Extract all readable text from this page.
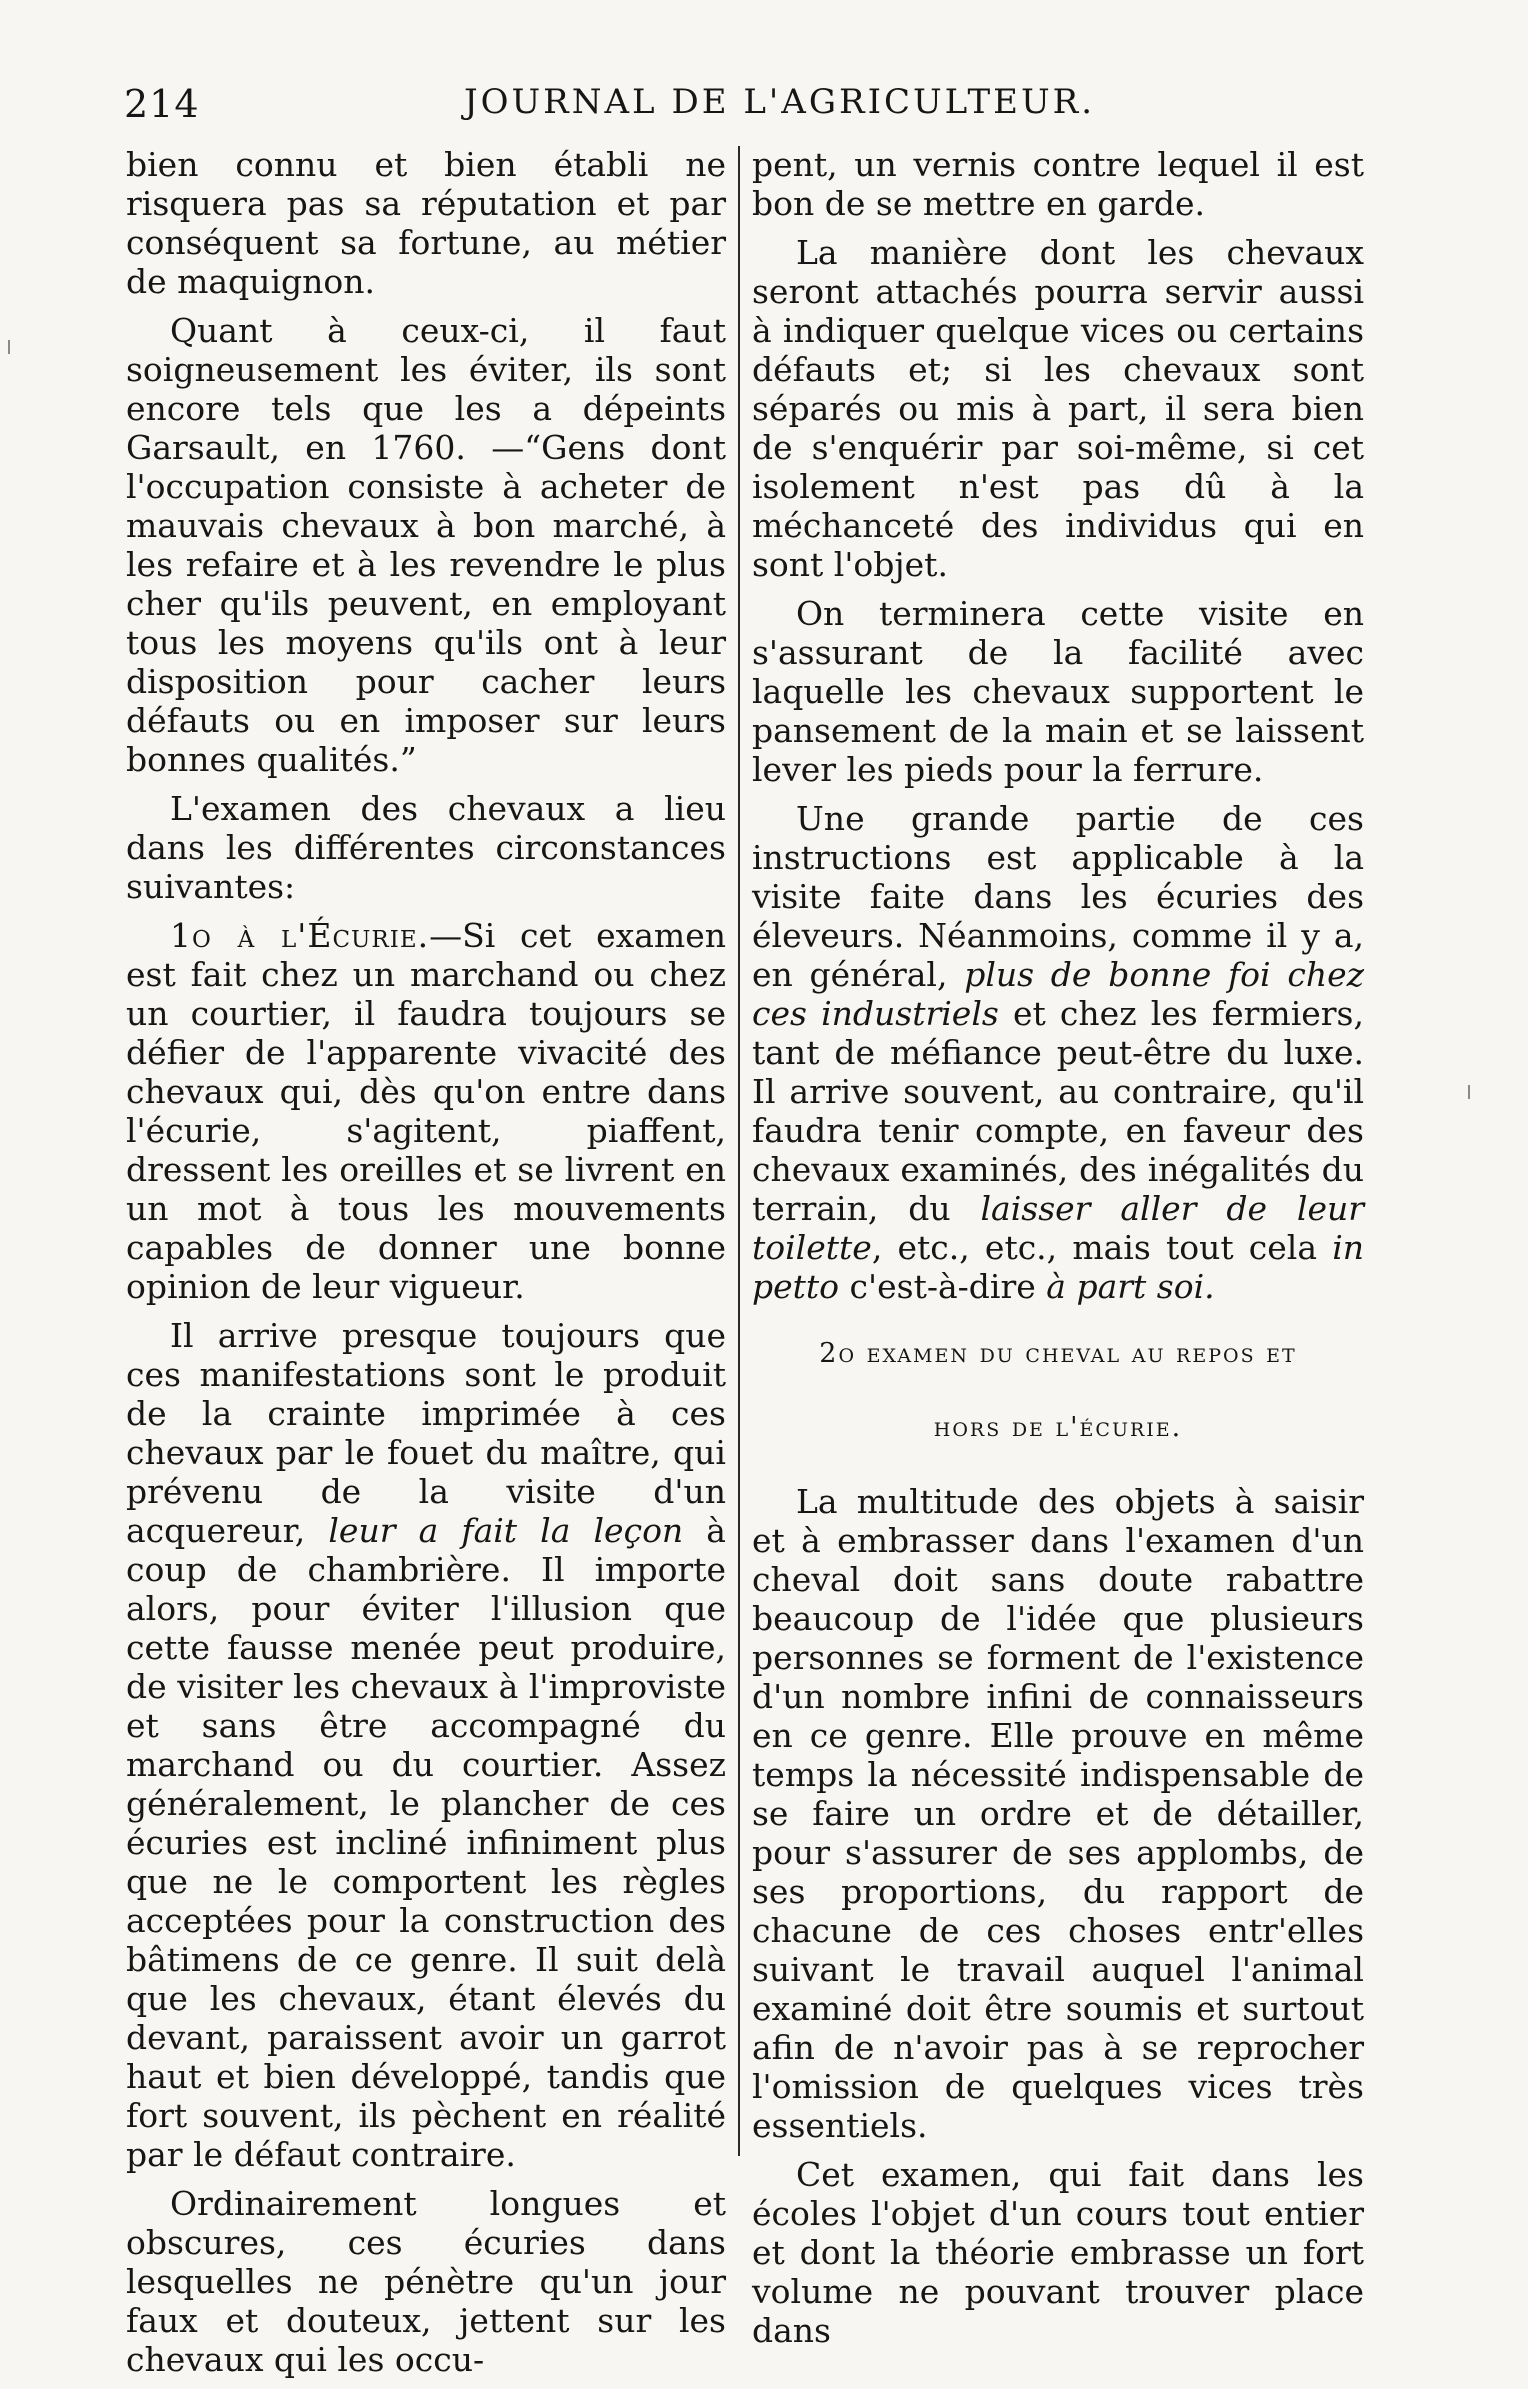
214	JOURNAL DE L'AGRICULTEUR.

bien connu et bien établi ne risquera pas sa réputation et par conséquent sa fortune, au métier de maquignon.

Quant à ceux-ci, il faut soigneusement les éviter, ils sont encore tels que les a dépeints Garsault, en 1760. —“Gens dont l'occupation consiste à acheter de mauvais chevaux à bon marché, à les refaire et à les revendre le plus cher qu'ils peuvent, en employant tous les moyens qu'ils ont à leur disposition pour cacher leurs défauts ou en imposer sur leurs bonnes qualités.”

L'examen des chevaux a lieu dans les différentes circonstances suivantes:

1o à l'Écurie.—Si cet examen est fait chez un marchand ou chez un courtier, il faudra toujours se défier de l'apparente vivacité des chevaux qui, dès qu'on entre dans l'écurie, s'agitent, piaffent, dressent les oreilles et se livrent en un mot à tous les mouvements capables de donner une bonne opinion de leur vigueur.

Il arrive presque toujours que ces manifestations sont le produit de la crainte imprimée à ces chevaux par le fouet du maître, qui prévenu de la visite d'un acquereur, leur a fait la leçon à coup de chambrière. Il importe alors, pour éviter l'illusion que cette fausse menée peut produire, de visiter les chevaux à l'improviste et sans être accompagné du marchand ou du courtier. Assez généralement, le plancher de ces écuries est incliné infiniment plus que ne le comportent les règles acceptées pour la construction des bâtimens de ce genre. Il suit delà que les chevaux, étant élevés du devant, paraissent avoir un garrot haut et bien développé, tandis que fort souvent, ils pèchent en réalité par le défaut contraire.

Ordinairement longues et obscures, ces écuries dans lesquelles ne pénètre qu'un jour faux et douteux, jettent sur les chevaux qui les occu-

pent, un vernis contre lequel il est bon de se mettre en garde.

La manière dont les chevaux seront attachés pourra servir aussi à indiquer quelque vices ou certains défauts et; si les chevaux sont séparés ou mis à part, il sera bien de s'enquérir par soi-même, si cet isolement n'est pas dû à la méchanceté des individus qui en sont l'objet.

On terminera cette visite en s'assurant de la facilité avec laquelle les chevaux supportent le pansement de la main et se laissent lever les pieds pour la ferrure.

Une grande partie de ces instructions est applicable à la visite faite dans les écuries des éleveurs. Néanmoins, comme il y a, en général, plus de bonne foi chez ces industriels et chez les fermiers, tant de méfiance peut-être du luxe. Il arrive souvent, au contraire, qu'il faudra tenir compte, en faveur des chevaux examinés, des inégalités du terrain, du laisser aller de leur toilette, etc., etc., mais tout cela in petto c'est-à-dire à part soi.

2o examen du cheval au repos et
hors de l'écurie.

La multitude des objets à saisir et à embrasser dans l'examen d'un cheval doit sans doute rabattre beaucoup de l'idée que plusieurs personnes se forment de l'existence d'un nombre infini de connaisseurs en ce genre. Elle prouve en même temps la nécessité indispensable de se faire un ordre et de détailler, pour s'assurer de ses applombs, de ses proportions, du rapport de chacune de ces choses entr'elles suivant le travail auquel l'animal examiné doit être soumis et surtout afin de n'avoir pas à se reprocher l'omission de quelques vices très essentiels.

Cet examen, qui fait dans les écoles l'objet d'un cours tout entier et dont la théorie embrasse un fort volume ne pouvant trouver place dans
